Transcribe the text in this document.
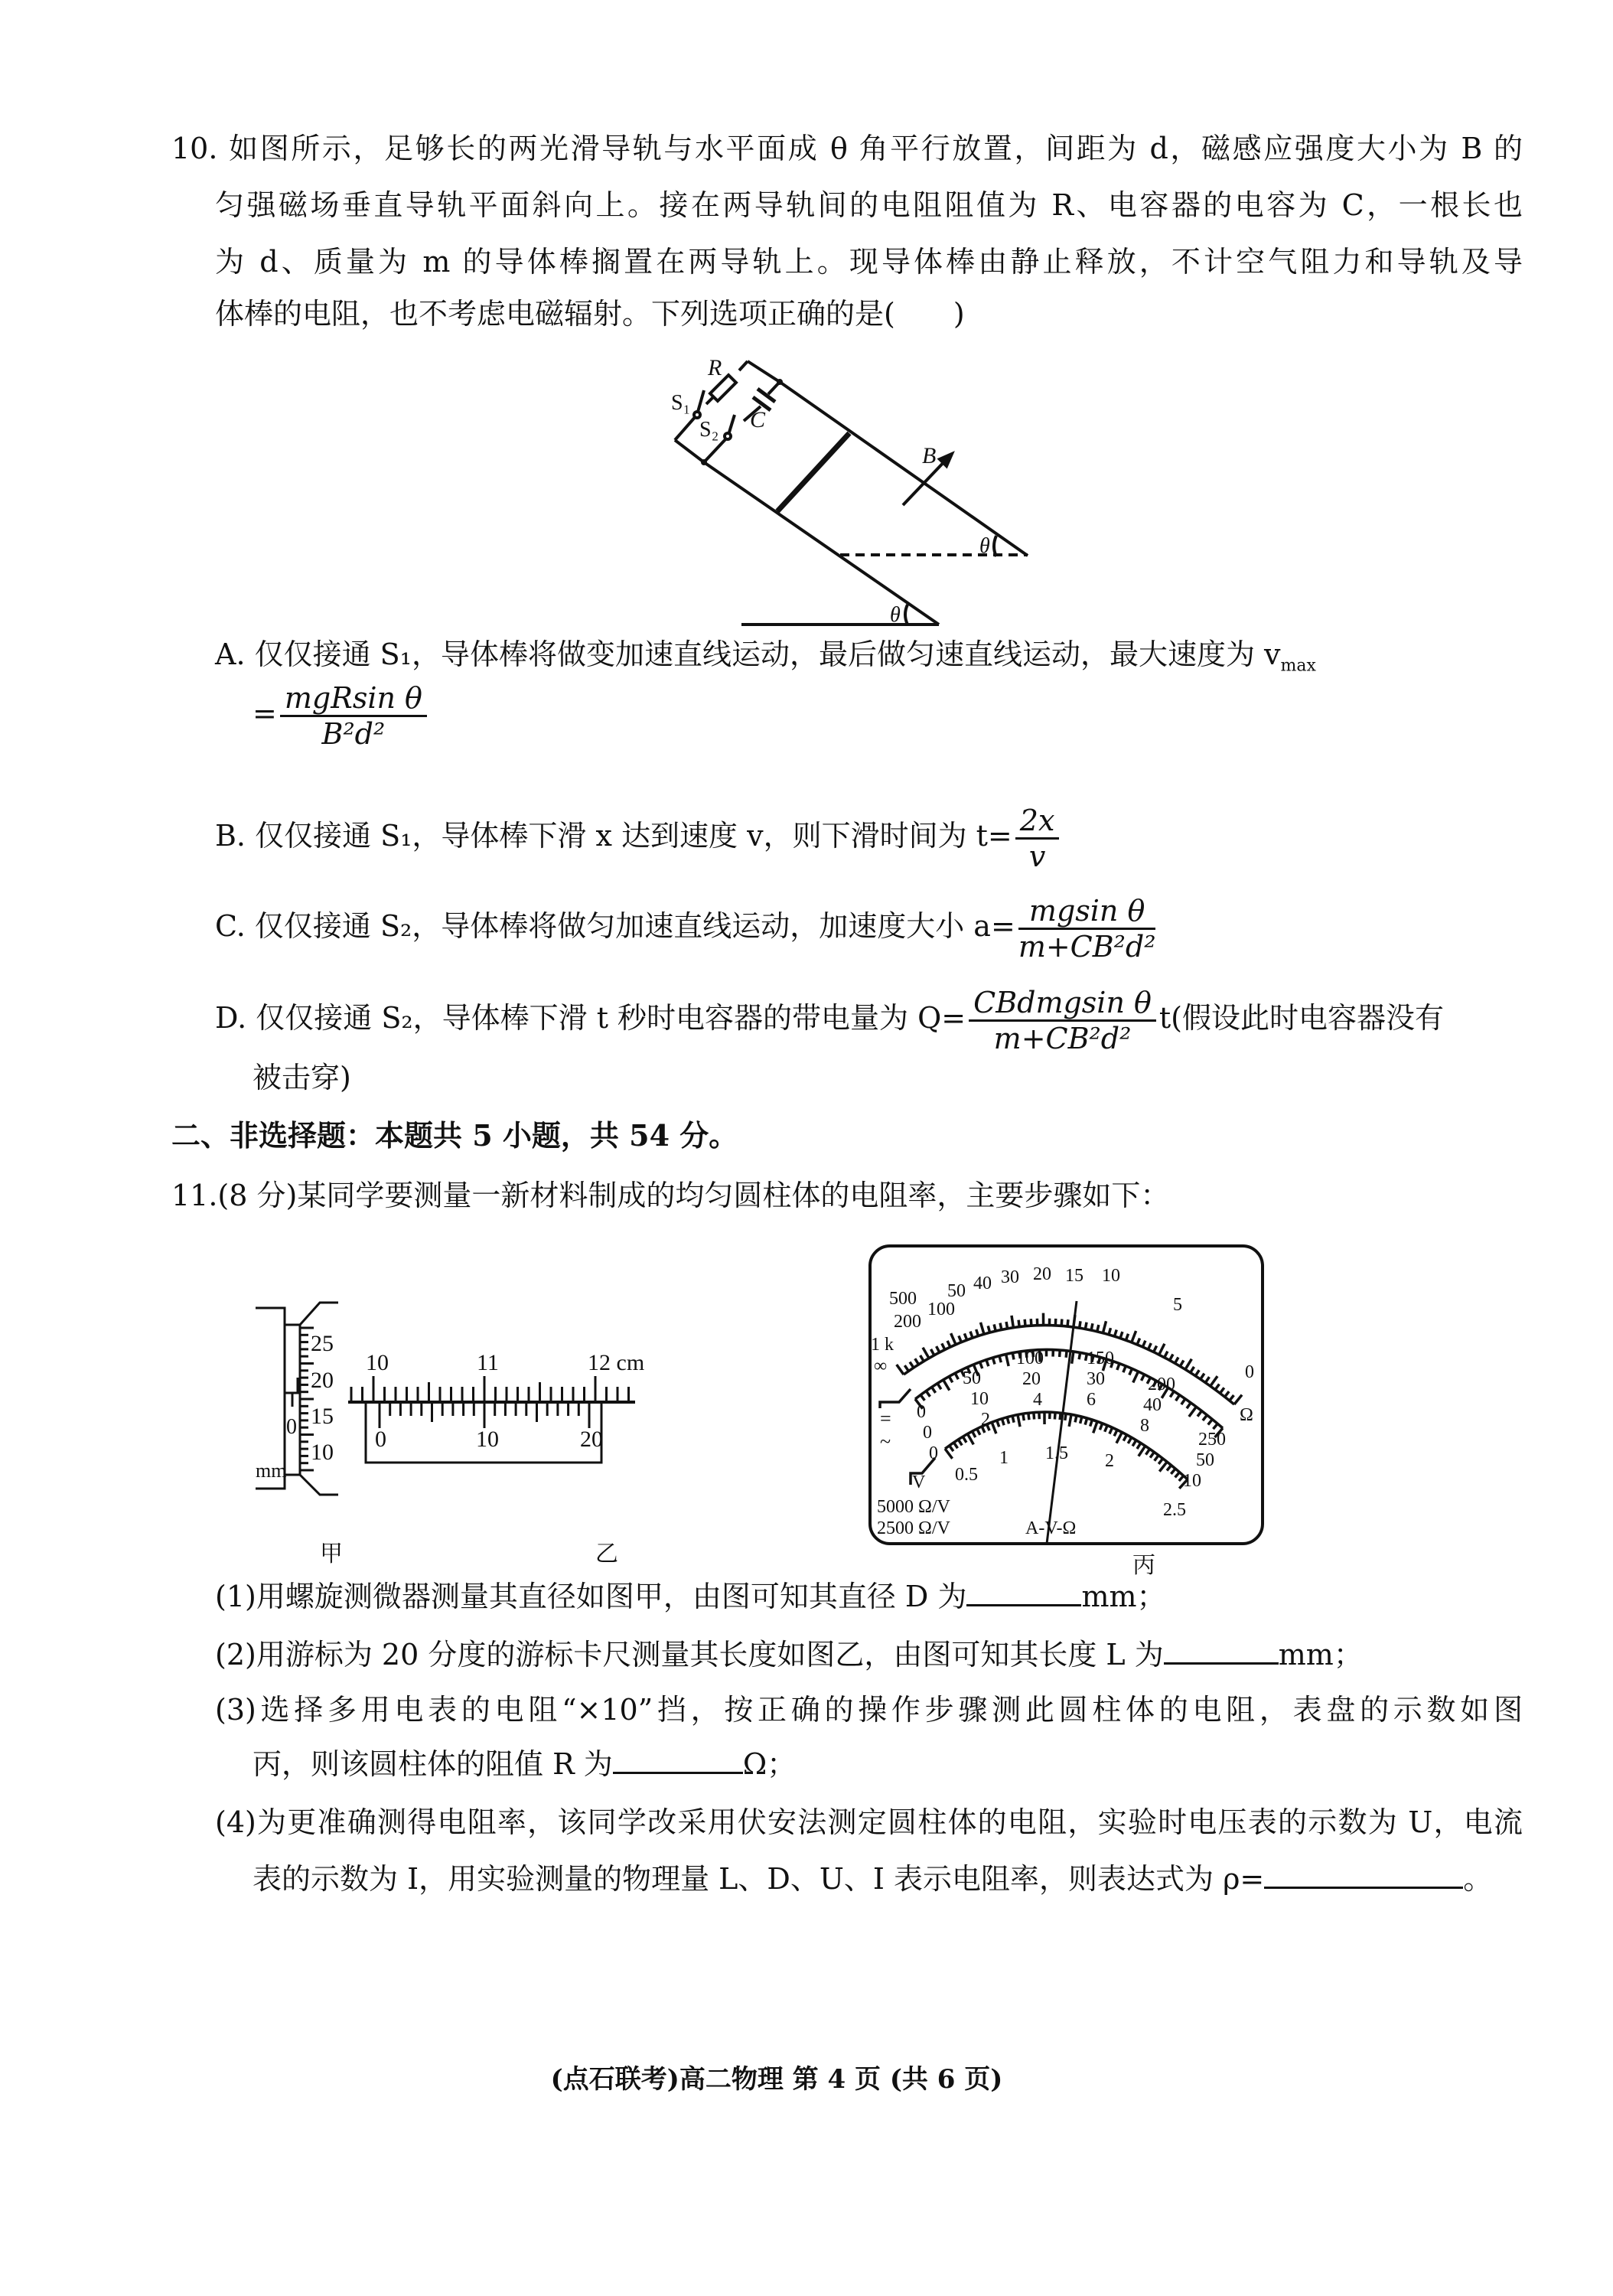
10. 如图所示，足够长的两光滑导轨与水平面成 θ 角平行放置，间距为 d，磁感应强度大小为 B 的
匀强磁场垂直导轨平面斜向上。接在两导轨间的电阻阻值为 R、电容器的电容为 C，一根长也
为 d、质量为 m 的导体棒搁置在两导轨上。现导体棒由静止释放，不计空气阻力和导轨及导
体棒的电阻，也不考虑电磁辐射。下列选项正确的是(　　)
R
C
S₁
S₂
B
θ
θ
A. 仅仅接通 S₁，导体棒将做变加速直线运动，最后做匀速直线运动，最大速度为 $v_{max}$
= $\frac{\text{mgRsin θ}}{\text{B²d²}}$
B. 仅仅接通 S₁，导体棒下滑 x 达到速度 v，则下滑时间为 $t= \frac{2x}{v}$
C. 仅仅接通 S₂，导体棒将做匀加速直线运动，加速度大小 $a= \frac{\text{mgsin θ}}{\text{m+CB²d²}}$
D. 仅仅接通 S₂，导体棒下滑 t 秒时电容器的带电量为 $Q= \frac{\text{CBdmgsin θ}}{\text{m+CB²d²}} t$(假设此时电容器没有
被击穿)
二、非选择题：本题共 5 小题，共 54 分。
11.(8 分)某同学要测量一新材料制成的均匀圆柱体的电阻率，主要步骤如下：
25
20
15
10
0
mm
10	11	12 cm
0	10	20
∞
1 k
500
200
100
50 40 30 20 15 10
5
0
Ω
0
50
100 150
200
250
0
10
20	30
40
50
0
2
4 6
8
10
0.5
1 1.5 2
2.5
=
~
V
5000 Ω/V
2500 Ω/V	A-V-Ω
甲	乙	丙
(1)用螺旋测微器测量其直径如图甲，由图可知其直径 D 为	mm；
(2)用游标为 20 分度的游标卡尺测量其长度如图乙，由图可知其长度 L 为	mm；
(3)选择多用电表的电阻“×10”挡，按正确的操作步骤测此圆柱体的电阻，表盘的示数如图
丙，则该圆柱体的阻值 R 为	Ω；
(4)为更准确测得电阻率，该同学改采用伏安法测定圆柱体的电阻，实验时电压表的示数为 U，电流
表的示数为 I，用实验测量的物理量 L、D、U、I 表示电阻率，则表达式为 ρ=	。
(点石联考)高二物理 第 4 页 (共 6 页)
